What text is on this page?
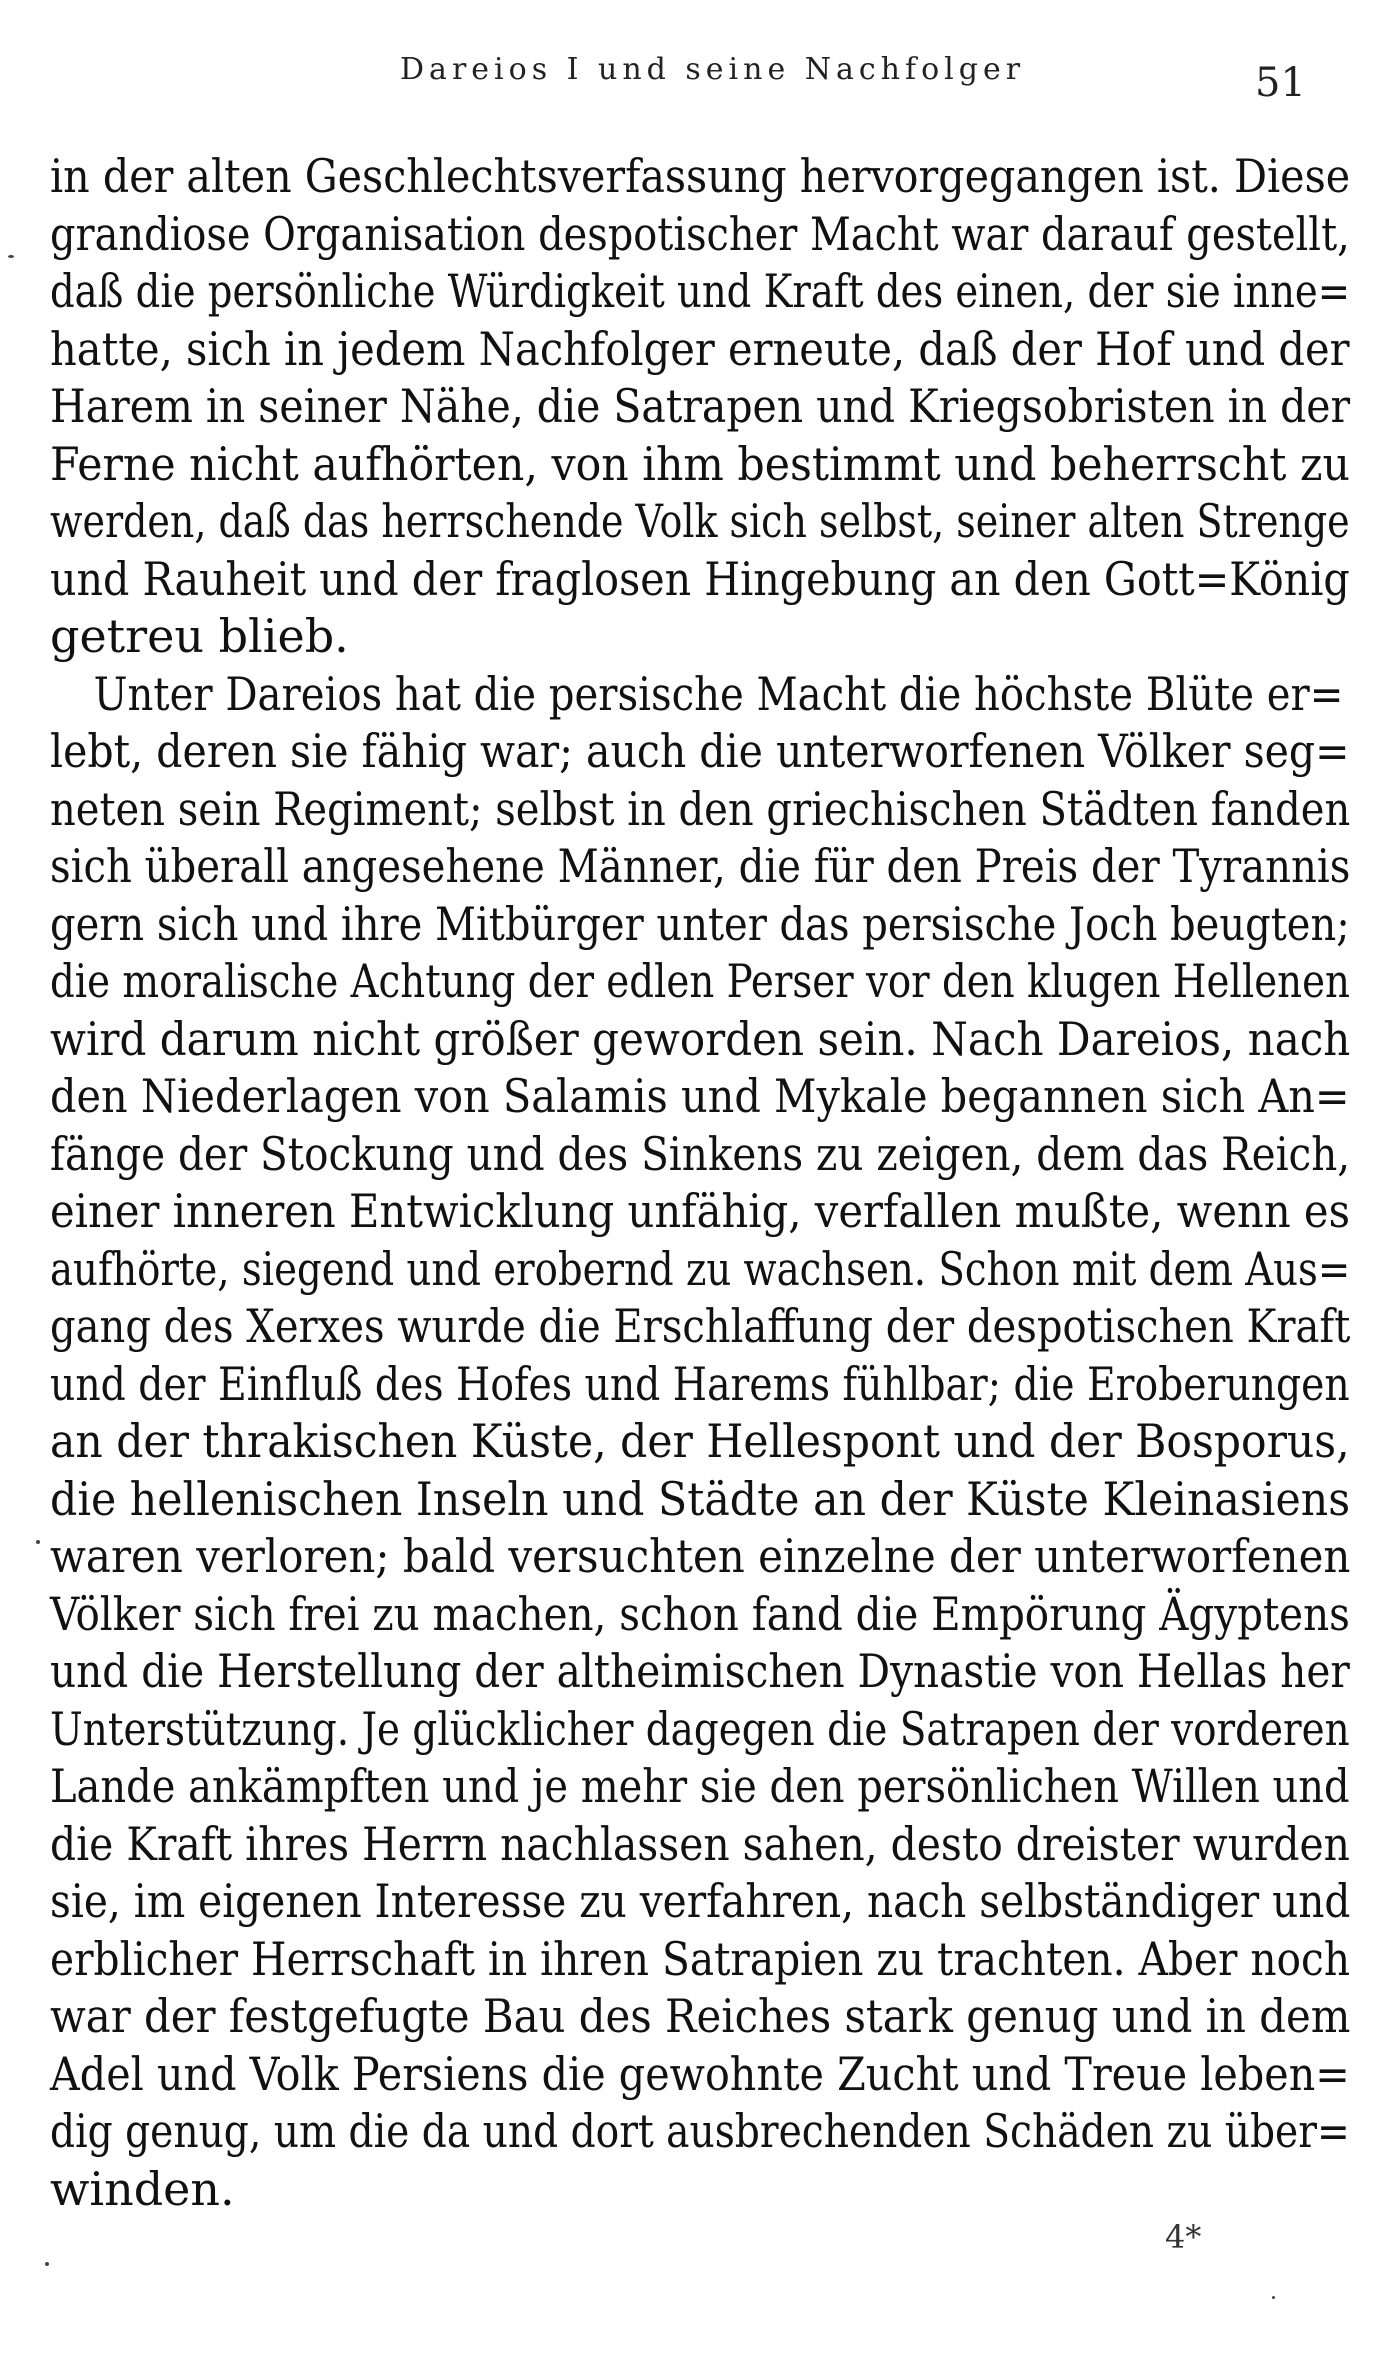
Dareios I und seine Nachfolger	51
in der alten Geschlechtsverfassung hervorgegangen ist. Diese
grandiose Organisation despotischer Macht war darauf gestellt,
daß die persönliche Würdigkeit und Kraft des einen, der sie inne=
hatte, sich in jedem Nachfolger erneute, daß der Hof und der
Harem in seiner Nähe, die Satrapen und Kriegsobristen in der
Ferne nicht aufhörten, von ihm bestimmt und beherrscht zu
werden, daß das herrschende Volk sich selbst, seiner alten Strenge
und Rauheit und der fraglosen Hingebung an den Gott=König
getreu blieb.
Unter Dareios hat die persische Macht die höchste Blüte er=
lebt, deren sie fähig war; auch die unterworfenen Völker seg=
neten sein Regiment; selbst in den griechischen Städten fanden
sich überall angesehene Männer, die für den Preis der Tyrannis
gern sich und ihre Mitbürger unter das persische Joch beugten;
die moralische Achtung der edlen Perser vor den klugen Hellenen
wird darum nicht größer geworden sein. Nach Dareios, nach
den Niederlagen von Salamis und Mykale begannen sich An=
fänge der Stockung und des Sinkens zu zeigen, dem das Reich,
einer inneren Entwicklung unfähig, verfallen mußte, wenn es
aufhörte, siegend und erobernd zu wachsen. Schon mit dem Aus=
gang des Xerxes wurde die Erschlaffung der despotischen Kraft
und der Einfluß des Hofes und Harems fühlbar; die Eroberungen
an der thrakischen Küste, der Hellespont und der Bosporus,
die hellenischen Inseln und Städte an der Küste Kleinasiens
waren verloren; bald versuchten einzelne der unterworfenen
Völker sich frei zu machen, schon fand die Empörung Ägyptens
und die Herstellung der altheimischen Dynastie von Hellas her
Unterstützung. Je glücklicher dagegen die Satrapen der vorderen
Lande ankämpften und je mehr sie den persönlichen Willen und
die Kraft ihres Herrn nachlassen sahen, desto dreister wurden
sie, im eigenen Interesse zu verfahren, nach selbständiger und
erblicher Herrschaft in ihren Satrapien zu trachten. Aber noch
war der festgefugte Bau des Reiches stark genug und in dem
Adel und Volk Persiens die gewohnte Zucht und Treue leben=
dig genug, um die da und dort ausbrechenden Schäden zu über=
winden.
4*
